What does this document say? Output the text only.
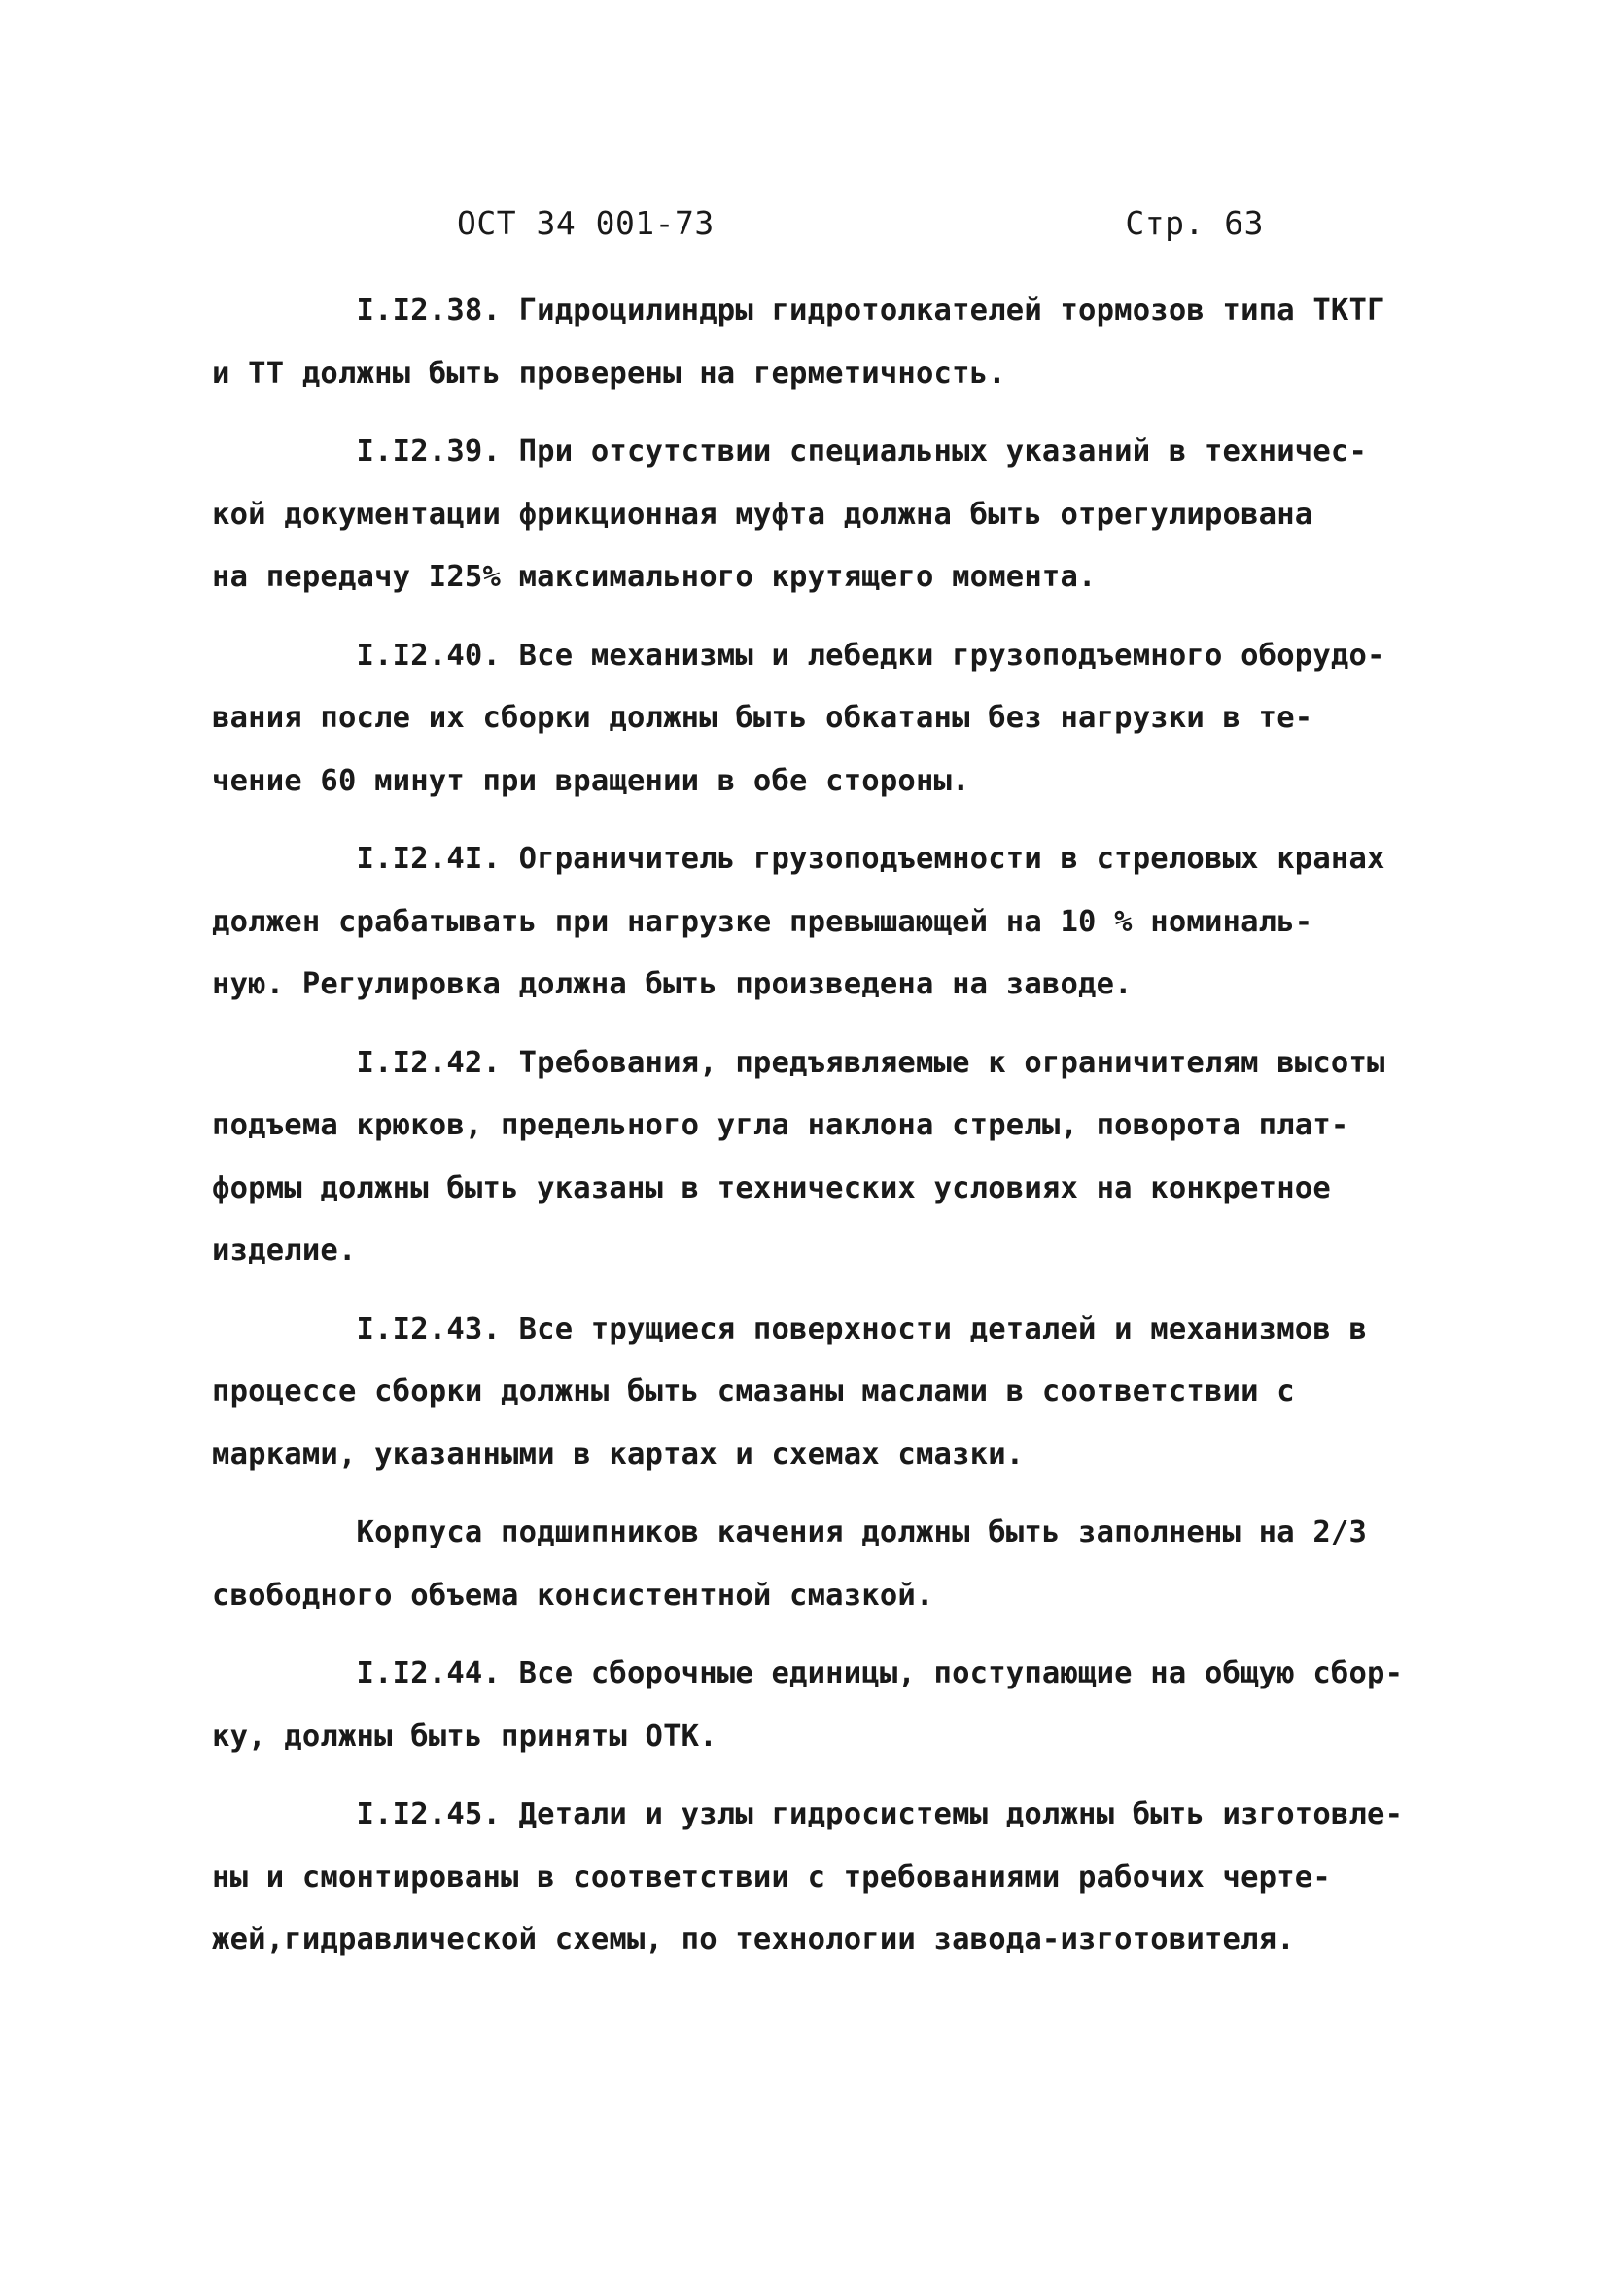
ОСТ 34 001-73	Стр. 63
I.I2.38. Гидроцилиндры гидротолкателей тормозов типа ТКТГ
и ТТ должны быть проверены на герметичность.
I.I2.39. При отсутствии специальных указаний в техничес-
кой документации фрикционная муфта должна быть отрегулирована
на передачу I25% максимального крутящего момента.
I.I2.40. Все механизмы и лебедки грузоподъемного оборудо-
вания после их сборки должны быть обкатаны без нагрузки в те-
чение 60 минут при вращении в обе стороны.
I.I2.4I. Ограничитель грузоподъемности в стреловых кранах
должен срабатывать при нагрузке превышающей на 10 % номиналь-
ную. Регулировка должна быть произведена на заводе.
I.I2.42. Требования, предъявляемые к ограничителям высоты
подъема крюков, предельного угла наклона стрелы, поворота плат-
формы должны быть указаны в технических условиях на конкретное
изделие.
I.I2.43. Все трущиеся поверхности деталей и механизмов в
процессе сборки должны быть смазаны маслами в соответствии с
марками, указанными в картах и схемах смазки.
Корпуса подшипников качения должны быть заполнены на 2/3
свободного объема консистентной смазкой.
I.I2.44. Все сборочные единицы, поступающие на общую сбор-
ку, должны быть приняты ОТК.
I.I2.45. Детали и узлы гидросистемы должны быть изготовле-
ны и смонтированы в соответствии с требованиями рабочих черте-
жей,гидравлической схемы, по технологии завода-изготовителя.
